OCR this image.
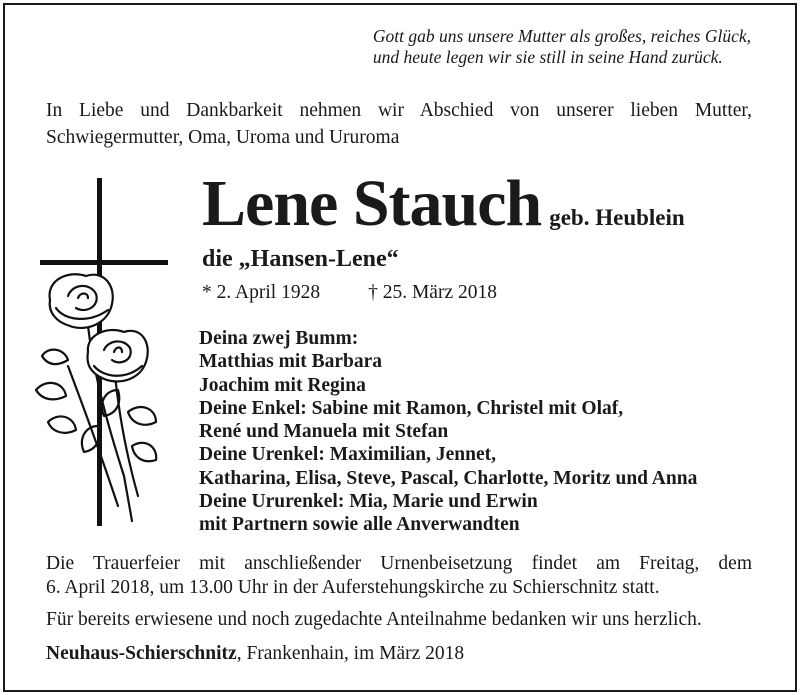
Gott gab uns unsere Mutter als großes, reiches Glück,
und heute legen wir sie still in seine Hand zurück.
In Liebe und Dankbarkeit nehmen wir Abschied von unserer lieben Mutter,
Schwiegermutter, Oma, Uroma und Ururoma
Lene Stauch geb. Heublein
die „Hansen-Lene“
* 2. April 1928 † 25. März 2018
Deina zwej Bumm:
Matthias mit Barbara
Joachim mit Regina
Deine Enkel: Sabine mit Ramon, Christel mit Olaf,
René und Manuela mit Stefan
Deine Urenkel: Maximilian, Jennet,
Katharina, Elisa, Steve, Pascal, Charlotte, Moritz und Anna
Deine Ururenkel: Mia, Marie und Erwin
mit Partnern sowie alle Anverwandten
Die Trauerfeier mit anschließender Urnenbeisetzung findet am Freitag, dem
6. April 2018, um 13.00 Uhr in der Auferstehungskirche zu Schierschnitz statt.
Für bereits erwiesene und noch zugedachte Anteilnahme bedanken wir uns herzlich.
Neuhaus-Schierschnitz, Frankenhain, im März 2018
